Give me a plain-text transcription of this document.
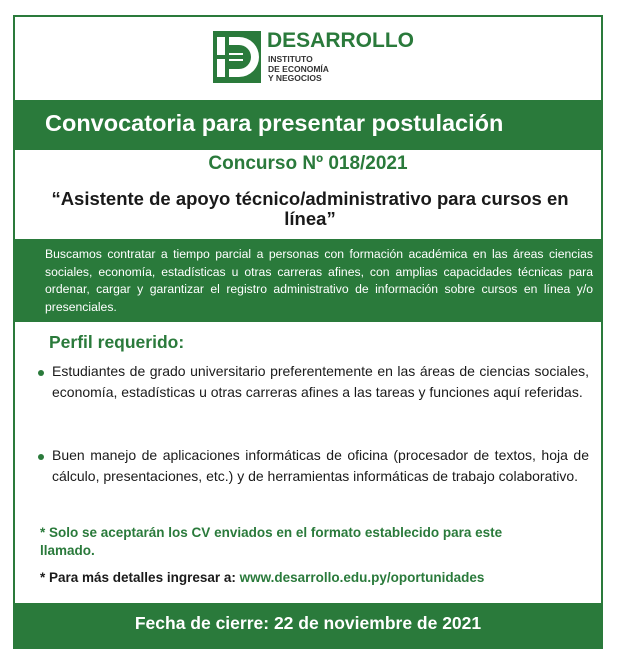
DESARROLLO
INSTITUTO
DE ECONOMÍA
Y NEGOCIOS
Convocatoria para presentar postulación
Concurso Nº 018/2021
“Asistente de apoyo técnico/administrativo para cursos en línea”

Buscamos contratar a tiempo parcial a personas con formación académica en las áreas ciencias sociales, economía, estadísticas u otras carreras afines, con amplias capacidades técnicas para ordenar, cargar y garantizar el registro administrativo de información sobre cursos en línea y/o presenciales.

Perfil requerido:
Estudiantes de grado universitario preferentemente en las áreas de ciencias sociales, economía, estadísticas u otras carreras afines a las tareas y funciones aquí referidas.
Buen manejo de aplicaciones informáticas de oficina (procesador de textos, hoja de cálculo, presentaciones, etc.) y de herramientas informáticas de trabajo colaborativo.
* Solo se aceptarán los CV enviados en el formato establecido para este llamado.
* Para más detalles ingresar a: www.desarrollo.edu.py/oportunidades
Fecha de cierre: 22 de noviembre de 2021
